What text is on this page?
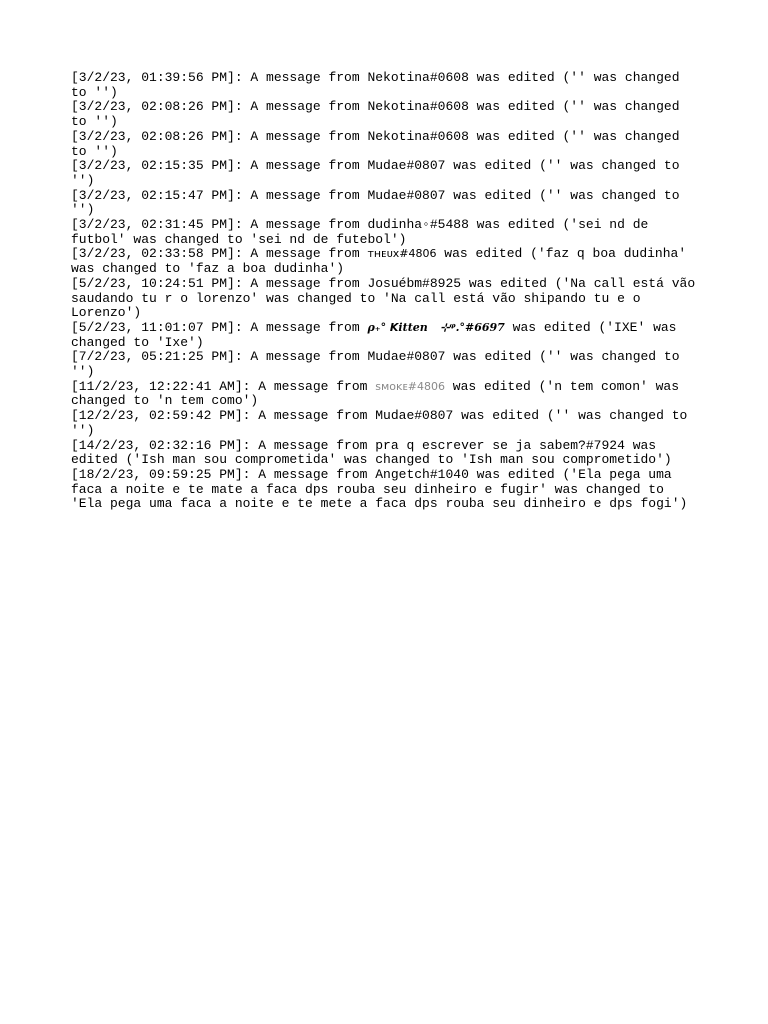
[3/2/23, 01:39:56 PM]: A message from Nekotina#0608 was edited ('' was changed to '')

[3/2/23, 02:08:26 PM]: A message from Nekotina#0608 was edited ('' was changed to '')

[3/2/23, 02:08:26 PM]: A message from Nekotina#0608 was edited ('' was changed to '')

[3/2/23, 02:15:35 PM]: A message from Mudae#0807 was edited ('' was changed to '')

[3/2/23, 02:15:47 PM]: A message from Mudae#0807 was edited ('' was changed to '')

[3/2/23, 02:31:45 PM]: A message from dudinha◦#5488 was edited ('sei nd de futbol' was changed to 'sei nd de futebol')

[3/2/23, 02:33:58 PM]: A message from ᴛʜᴇᴜx#4806 was edited ('faz q boa dudinha' was changed to 'faz a boa dudinha')

[5/2/23, 10:24:51 PM]: A message from Josuébm#8925 was edited ('Na call está vão saudando tu r o lorenzo' was changed to 'Na call está vão shipando tu e o Lorenzo')

[5/2/23, 11:01:07 PM]: A message from ρ₊° 𝙆itten ⠀⊹ᵠ.°#6697 was edited ('IXE' was changed to 'Ixe')

[7/2/23, 05:21:25 PM]: A message from Mudae#0807 was edited ('' was changed to '')

[11/2/23, 12:22:41 AM]: A message from ꜱᴍᴏᴋᴇ#4806 was edited ('n tem comon' was changed to 'n tem como')

[12/2/23, 02:59:42 PM]: A message from Mudae#0807 was edited ('' was changed to '')

[14/2/23, 02:32:16 PM]: A message from pra q escrever se ja sabem?#7924 was edited ('Ish man sou comprometida' was changed to 'Ish man sou comprometido')

[18/2/23, 09:59:25 PM]: A message from Angetch#1040 was edited ('Ela pega uma faca a noite e te mate a faca dps rouba seu dinheiro e fugir' was changed to 'Ela pega uma faca a noite e te mete a faca dps rouba seu dinheiro e dps fogi')
